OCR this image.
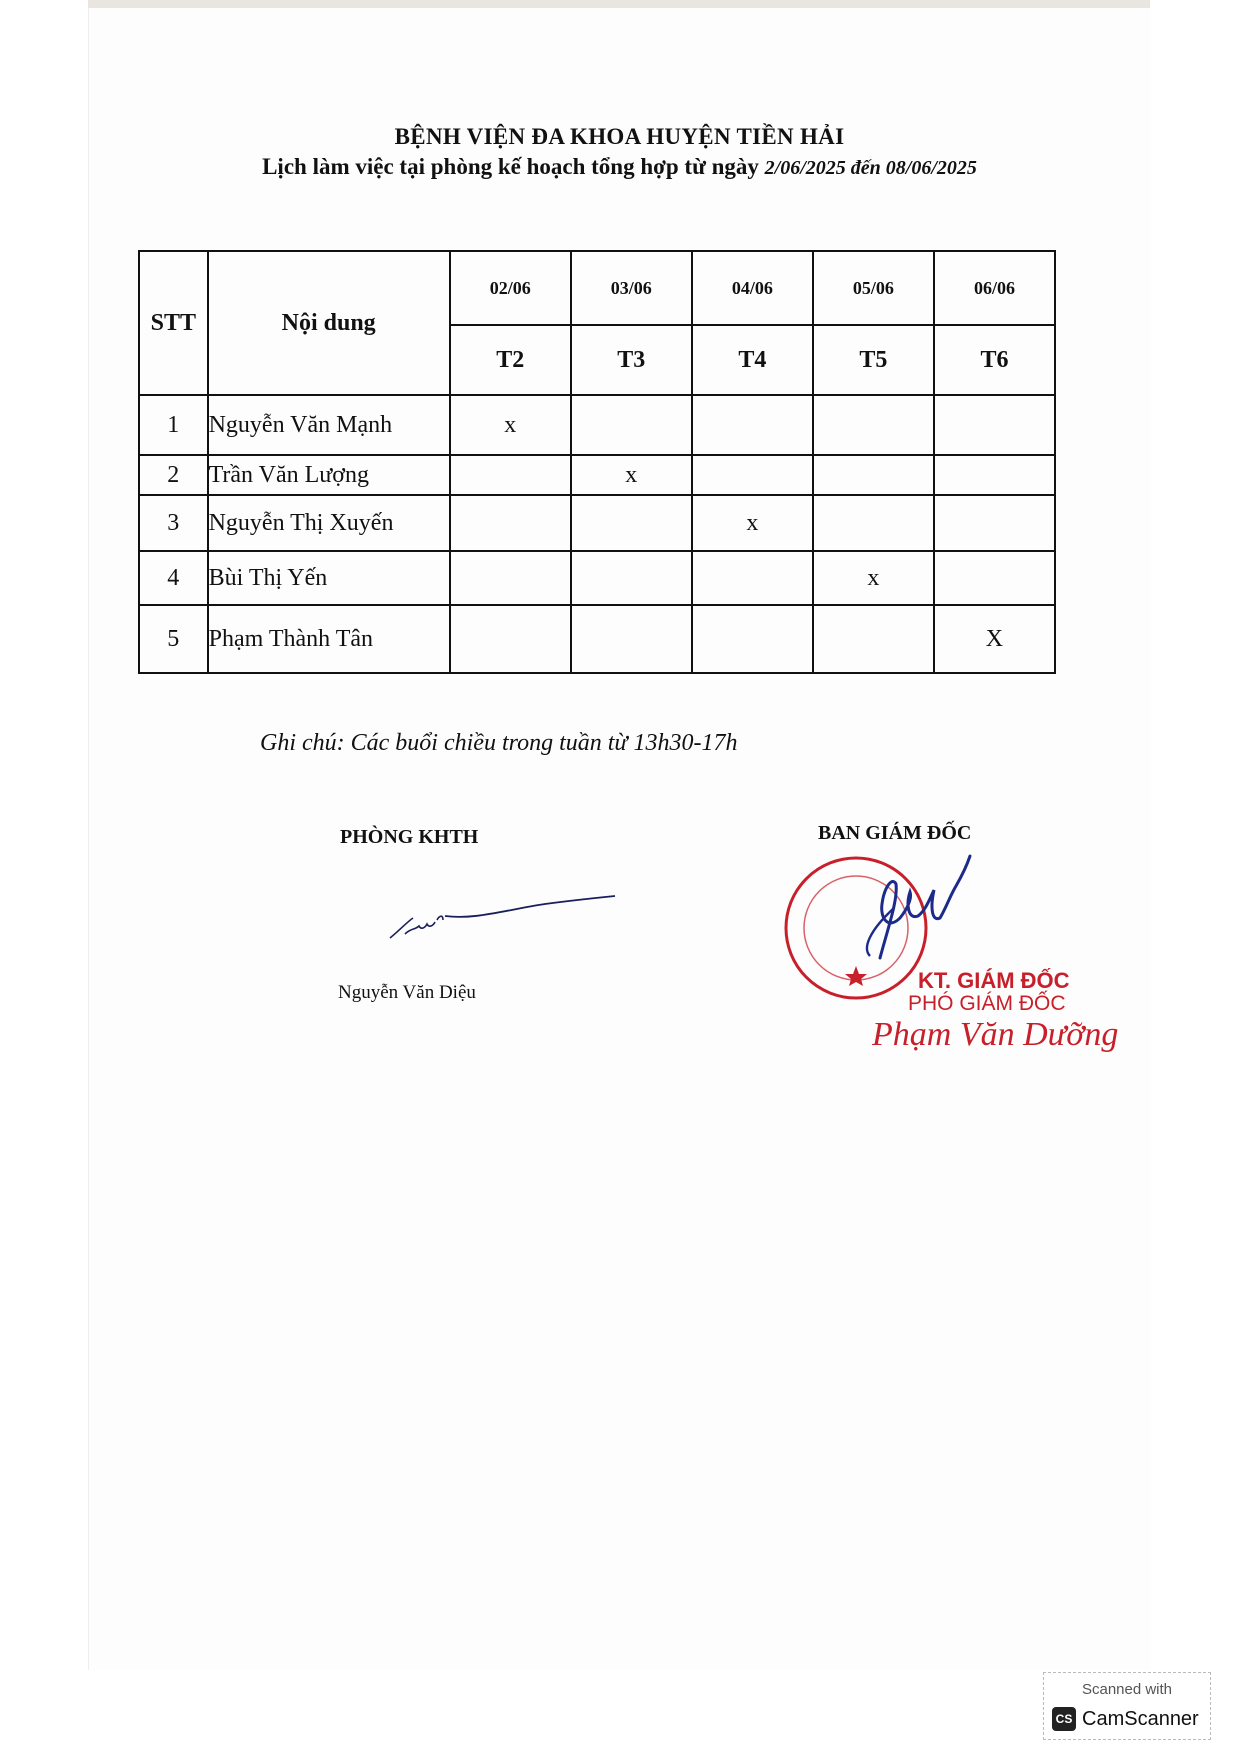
BỆNH VIỆN ĐA KHOA HUYỆN TIỀN HẢI
Lịch làm việc tại phòng kế hoạch tổng hợp từ ngày 2/06/2025 đến 08/06/2025
STT	Nội dung	02/06	03/06	04/06	05/06	06/06
		T2	T3	T4	T5	T6
1	Nguyễn Văn Mạnh	x				
2	Trần Văn Lượng		x			
3	Nguyễn Thị Xuyến			x		
4	Bùi Thị Yến				x	
5	Phạm Thành Tân					X
Ghi chú: Các buổi chiều trong tuần từ 13h30-17h
PHÒNG KHTH
Nguyễn Văn Diệu
BAN GIÁM ĐỐC
KT. GIÁM ĐỐC
PHÓ GIÁM ĐỐC
Phạm Văn Dưỡng
Scanned with
CS CamScanner
